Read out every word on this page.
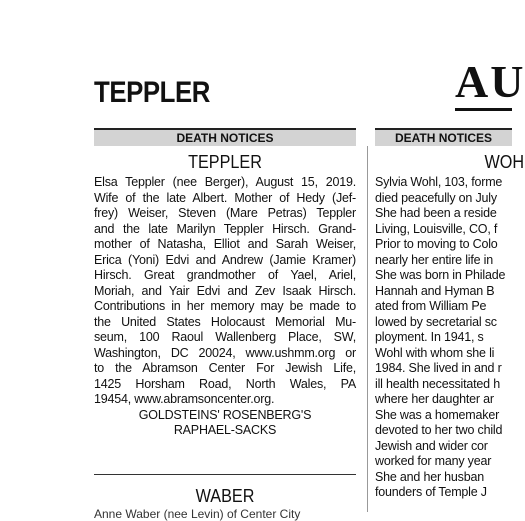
TEPPLER	AU
DEATH NOTICES	DEATH NOTICES
TEPPLER
Elsa Teppler (nee Berger), August 15, 2019.
Wife of the late Albert. Mother of Hedy (Jef-
frey) Weiser, Steven (Mare Petras) Teppler
and the late Marilyn Teppler Hirsch. Grand-
mother of Natasha, Elliot and Sarah Weiser,
Erica (Yoni) Edvi and Andrew (Jamie Kramer)
Hirsch. Great grandmother of Yael, Ariel,
Moriah, and Yair Edvi and Zev Isaak Hirsch.
Contributions in her memory may be made to
the United States Holocaust Memorial Mu-
seum, 100 Raoul Wallenberg Place, SW,
Washington, DC 20024, www.ushmm.org or
to the Abramson Center For Jewish Life,
1425 Horsham Road, North Wales, PA
19454, www.abramsoncenter.org.
GOLDSTEINS' ROSENBERG'S
RAPHAEL-SACKS
WABER
Anne Waber (nee Levin) of Center City
WOH
Sylvia Wohl, 103, forme
died peacefully on July
She had been a reside
Living, Louisville, CO, f
Prior to moving to Colo
nearly her entire life in
She was born in Philade
Hannah and Hyman B
ated from William Pe
lowed by secretarial sc
ployment. In 1941, s
Wohl with whom she li
1984. She lived in and r
ill health necessitated h
where her daughter ar
She was a homemaker
devoted to her two child
Jewish and wider cor
worked for many year
She and her husban
founders of Temple J
